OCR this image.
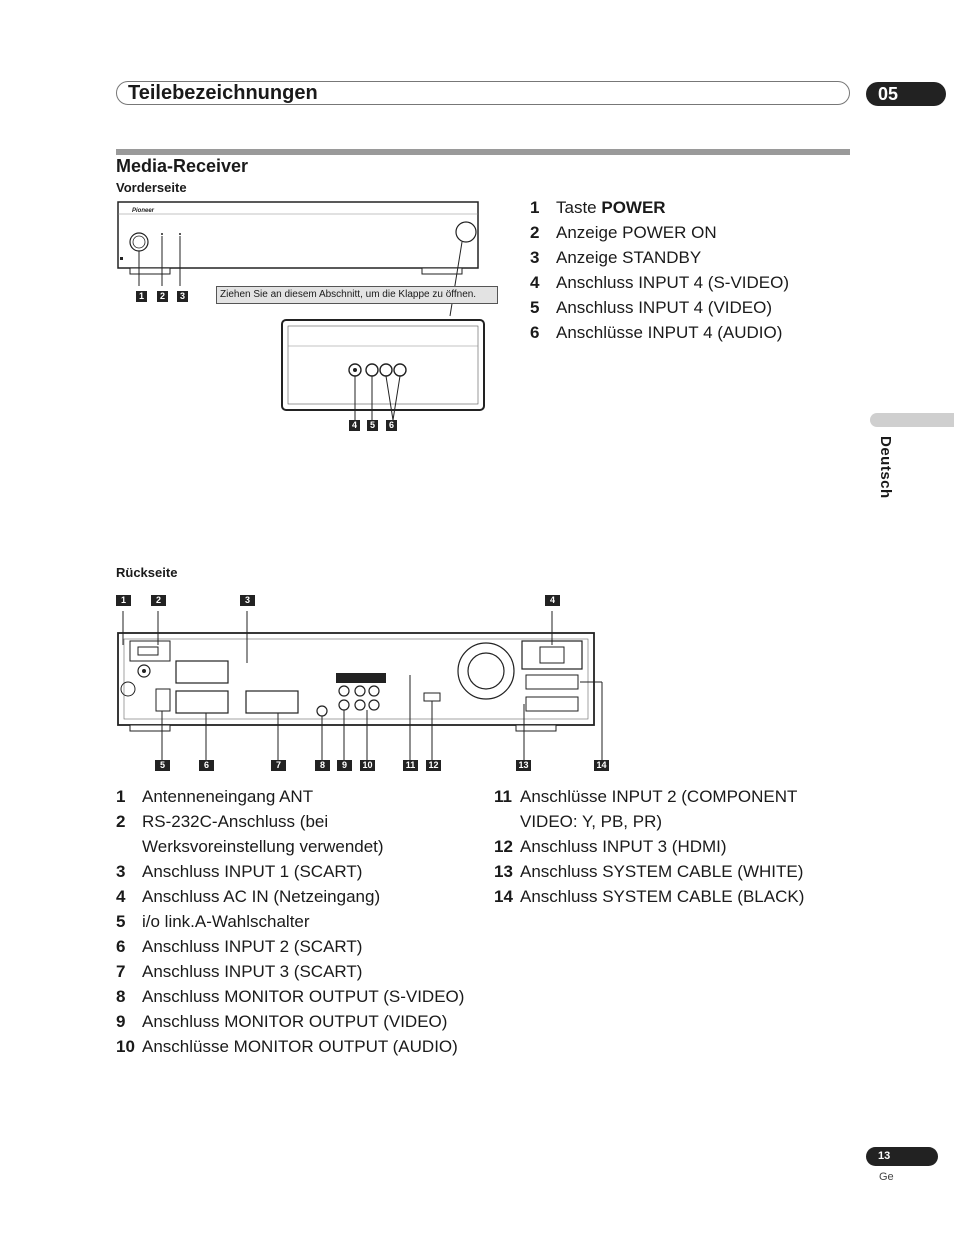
Teilebezeichnungen	05
Media-Receiver
Vorderseite
Deutsch
Pioneer
Ziehen Sie an diesem Abschnitt, um die Klappe zu öffnen.
1	2	3
4	5	6
1 Taste POWER
2 Anzeige POWER ON
3 Anzeige STANDBY
4 Anschluss INPUT 4 (S-VIDEO)
5 Anschluss INPUT 4 (VIDEO)
6 Anschlüsse INPUT 4 (AUDIO)
Rückseite
1	2	3	4
5	6	7	8	9	10	11	12	13	14
1 Antenneneingang ANT
2 RS-232C-Anschluss (bei Werksvoreinstellung verwendet)
3 Anschluss INPUT 1 (SCART)
4 Anschluss AC IN (Netzeingang)
5 i/o link.A-Wahlschalter
6 Anschluss INPUT 2 (SCART)
7 Anschluss INPUT 3 (SCART)
8 Anschluss MONITOR OUTPUT (S-VIDEO)
9 Anschluss MONITOR OUTPUT (VIDEO)
10 Anschlüsse MONITOR OUTPUT (AUDIO)
11 Anschlüsse INPUT 2 (COMPONENT VIDEO: Y, PB, PR)
12 Anschluss INPUT 3 (HDMI)
13 Anschluss SYSTEM CABLE (WHITE)
14 Anschluss SYSTEM CABLE (BLACK)
13
Ge
